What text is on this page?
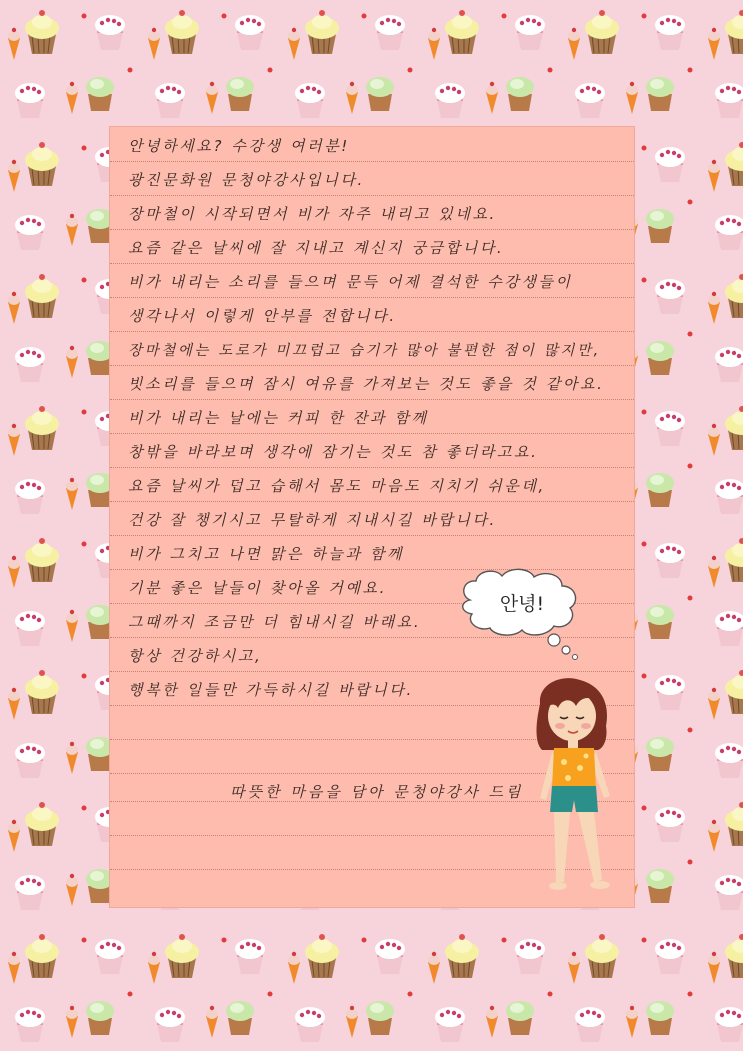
안녕하세요? 수강생 여러분!
광진문화원 문청야강사입니다.
장마철이 시작되면서 비가 자주 내리고 있네요.
요즘 같은 날씨에 잘 지내고 계신지 궁금합니다.
비가 내리는 소리를 들으며 문득 어제 결석한 수강생들이
생각나서 이렇게 안부를 전합니다.
장마철에는 도로가 미끄럽고 습기가 많아 불편한 점이 많지만,
빗소리를 들으며 잠시 여유를 가져보는 것도 좋을 것 같아요.
비가 내리는 날에는 커피 한 잔과 함께
창밖을 바라보며 생각에 잠기는 것도 참 좋더라고요.
요즘 날씨가 덥고 습해서 몸도 마음도 지치기 쉬운데,
건강 잘 챙기시고 무탈하게 지내시길 바랍니다.
비가 그치고 나면 맑은 하늘과 함께
기분 좋은 날들이 찾아올 거예요.
그때까지 조금만 더 힘내시길 바래요.
항상 건강하시고,
행복한 일들만 가득하시길 바랍니다.
따뜻한 마음을 담아 문청야강사 드림
안녕!
